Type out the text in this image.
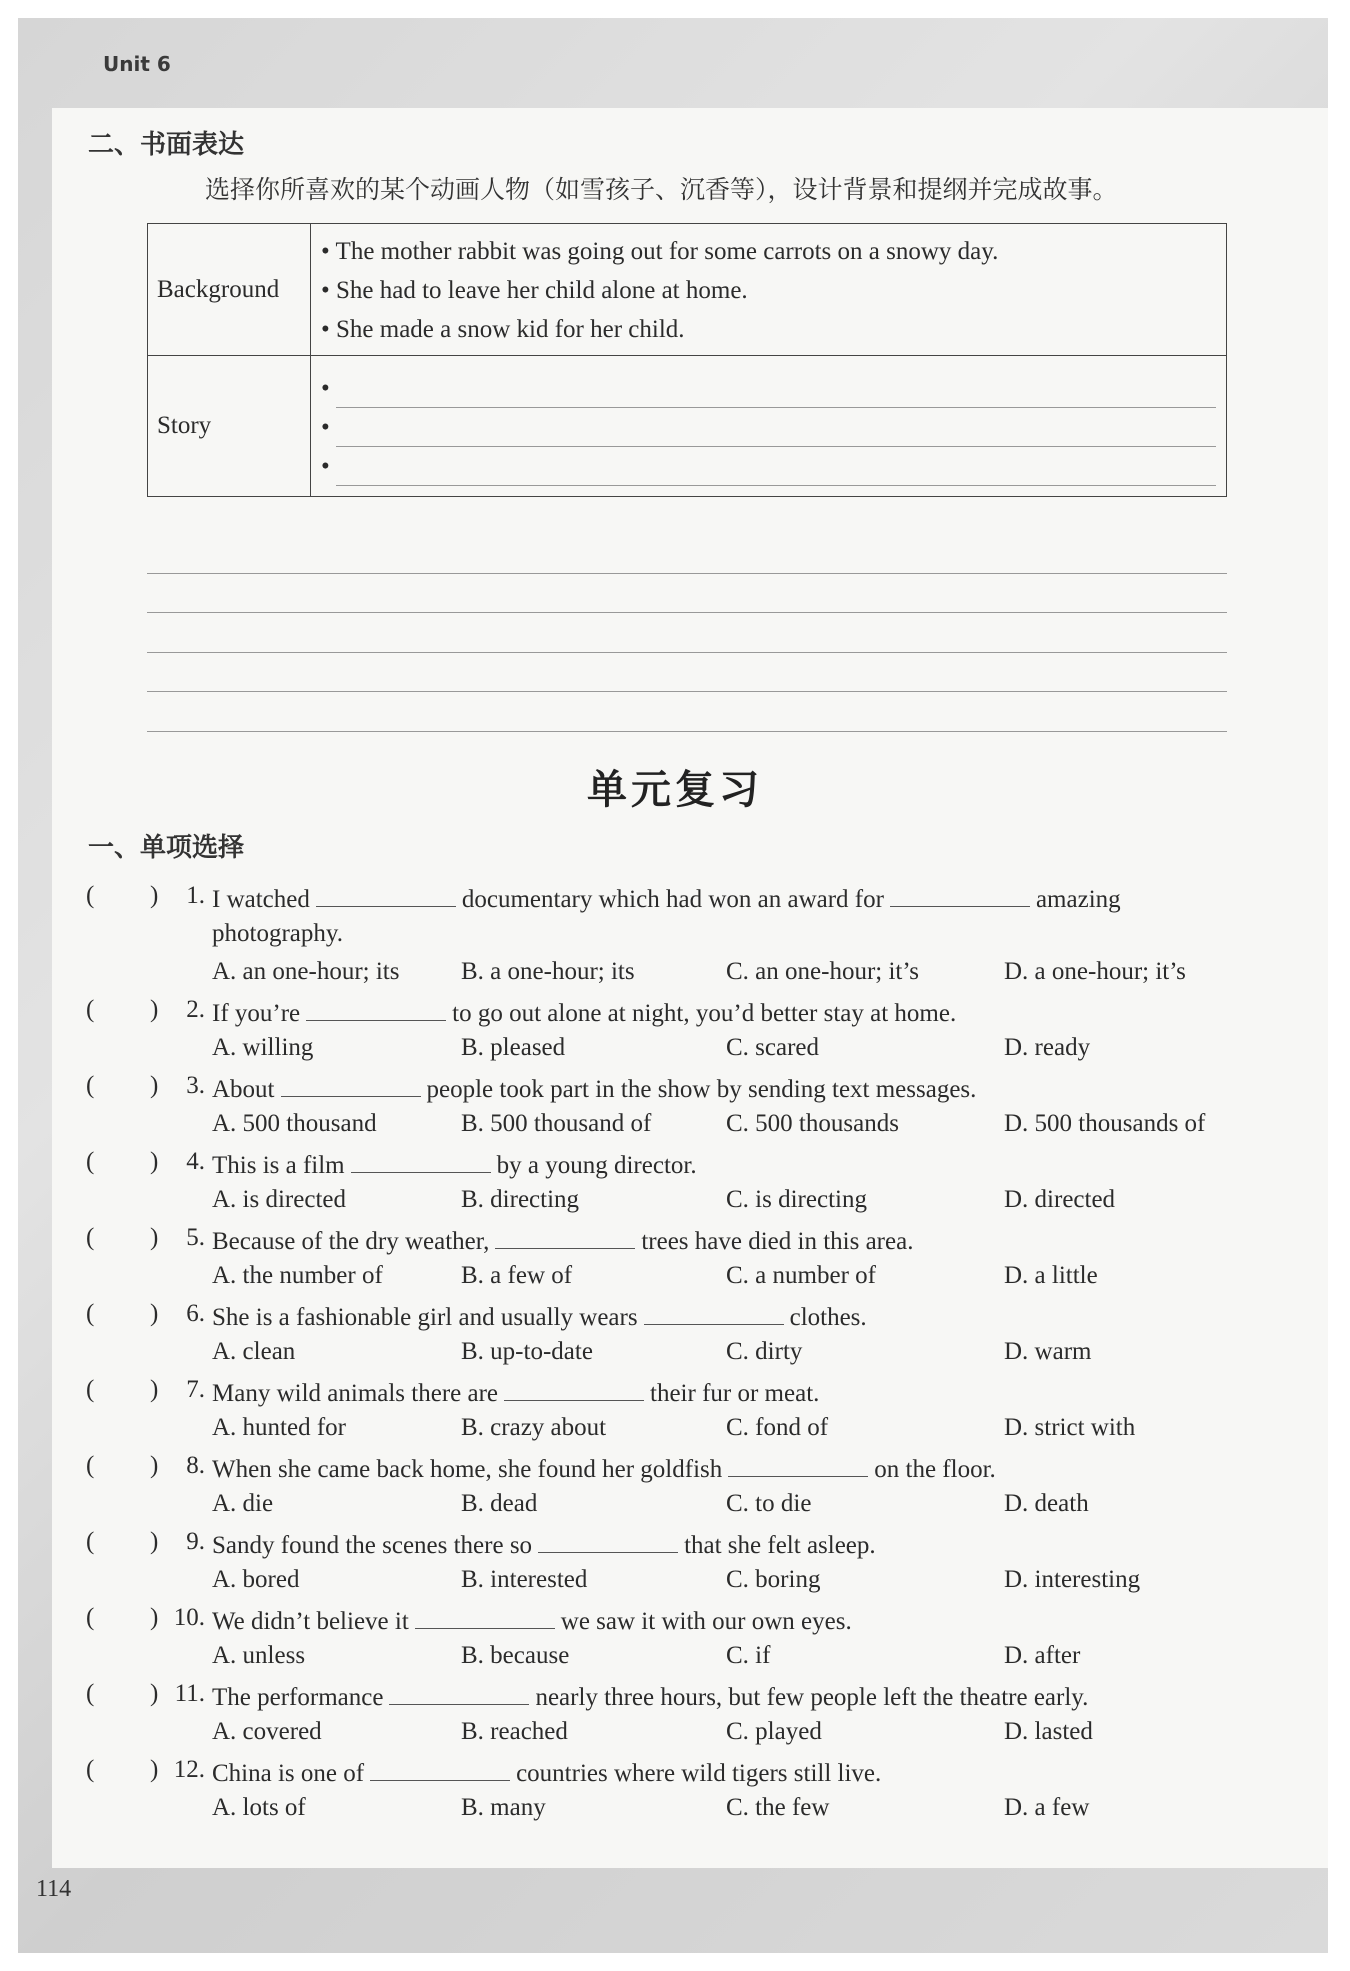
Unit 6
二、书面表达
选择你所喜欢的某个动画人物（如雪孩子、沉香等），设计背景和提纲并完成故事。
Background	• The mother rabbit was going out for some carrots on a snowy day.
• She had to leave her child alone at home.
• She made a snow kid for her child.

Story	•
•
•
单元复习
一、单项选择
( )	1. I watched	documentary which had won an award for	amazing
photography.
A. an one-hour; its B. a one-hour; its	C. an one-hour; it’s	D. a one-hour; it’s
( )	2. If you’re	to go out alone at night, you’d better stay at home.
A. willing	B. pleased	C. scared	D. ready
( )	3. About	people took part in the show by sending text messages.
A. 500 thousand	B. 500 thousand of	C. 500 thousands	D. 500 thousands of
( )	4. This is a film	by a young director.
A. is directed	B. directing	C. is directing	D. directed
( )	5. Because of the dry weather,	trees have died in this area.
A. the number of	B. a few of	C. a number of	D. a little
( )	6. She is a fashionable girl and usually wears	clothes.
A. clean	B. up-to-date	C. dirty	D. warm
( )	7. Many wild animals there are	their fur or meat.
A. hunted for	B. crazy about	C. fond of	D. strict with
( )	8. When she came back home, she found her goldfish	on the floor.
A. die	B. dead	C. to die	D. death
( )	9. Sandy found the scenes there so	that she felt asleep.
A. bored	B. interested	C. boring	D. interesting
( ) 10. We didn’t believe it	we saw it with our own eyes.
A. unless	B. because	C. if	D. after
( ) 11. The performance	nearly three hours, but few people left the theatre early.
A. covered	B. reached	C. played	D. lasted
( ) 12. China is one of	countries where wild tigers still live.
A. lots of	B. many	C. the few	D. a few
114
